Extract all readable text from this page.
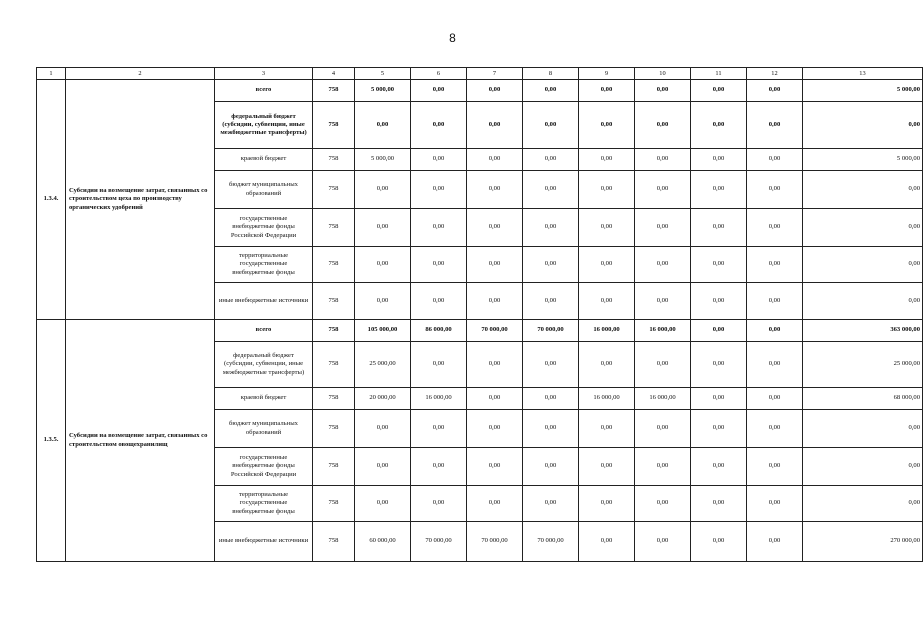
8
1	2	3	4	5	6	7	8	9	10	11	12	13
1.3.4.	Субсидии на возмещение затрат, связанных со строительством цеха по производству органических удобрений	всего	758	5 000,00	0,00	0,00	0,00	0,00	0,00	0,00	0,00	5 000,00
		федеральный бюджет (субсидии, субвенции, иные межбюджетные трансферты)	758	0,00	0,00	0,00	0,00	0,00	0,00	0,00	0,00	0,00
		краевой бюджет	758	5 000,00	0,00	0,00	0,00	0,00	0,00	0,00	0,00	5 000,00
		бюджет муниципальных образований	758	0,00	0,00	0,00	0,00	0,00	0,00	0,00	0,00	0,00
		государственные внебюджетные фонды Российской Федерации	758	0,00	0,00	0,00	0,00	0,00	0,00	0,00	0,00	0,00
		территориальные государственные внебюджетные фонды	758	0,00	0,00	0,00	0,00	0,00	0,00	0,00	0,00	0,00
		иные внебюджетные источники	758	0,00	0,00	0,00	0,00	0,00	0,00	0,00	0,00	0,00
1.3.5.	Субсидии на возмещение затрат, связанных со строительством овощехранилищ	всего	758	105 000,00	86 000,00	70 000,00	70 000,00	16 000,00	16 000,00	0,00	0,00	363 000,00
		федеральный бюджет (субсидии, субвенции, иные межбюджетные трансферты)	758	25 000,00	0,00	0,00	0,00	0,00	0,00	0,00	0,00	25 000,00
		краевой бюджет	758	20 000,00	16 000,00	0,00	0,00	16 000,00	16 000,00	0,00	0,00	68 000,00
		бюджет муниципальных образований	758	0,00	0,00	0,00	0,00	0,00	0,00	0,00	0,00	0,00
		государственные внебюджетные фонды Российской Федерации	758	0,00	0,00	0,00	0,00	0,00	0,00	0,00	0,00	0,00
		территориальные государственные внебюджетные фонды	758	0,00	0,00	0,00	0,00	0,00	0,00	0,00	0,00	0,00
		иные внебюджетные источники	758	60 000,00	70 000,00	70 000,00	70 000,00	0,00	0,00	0,00	0,00	270 000,00
